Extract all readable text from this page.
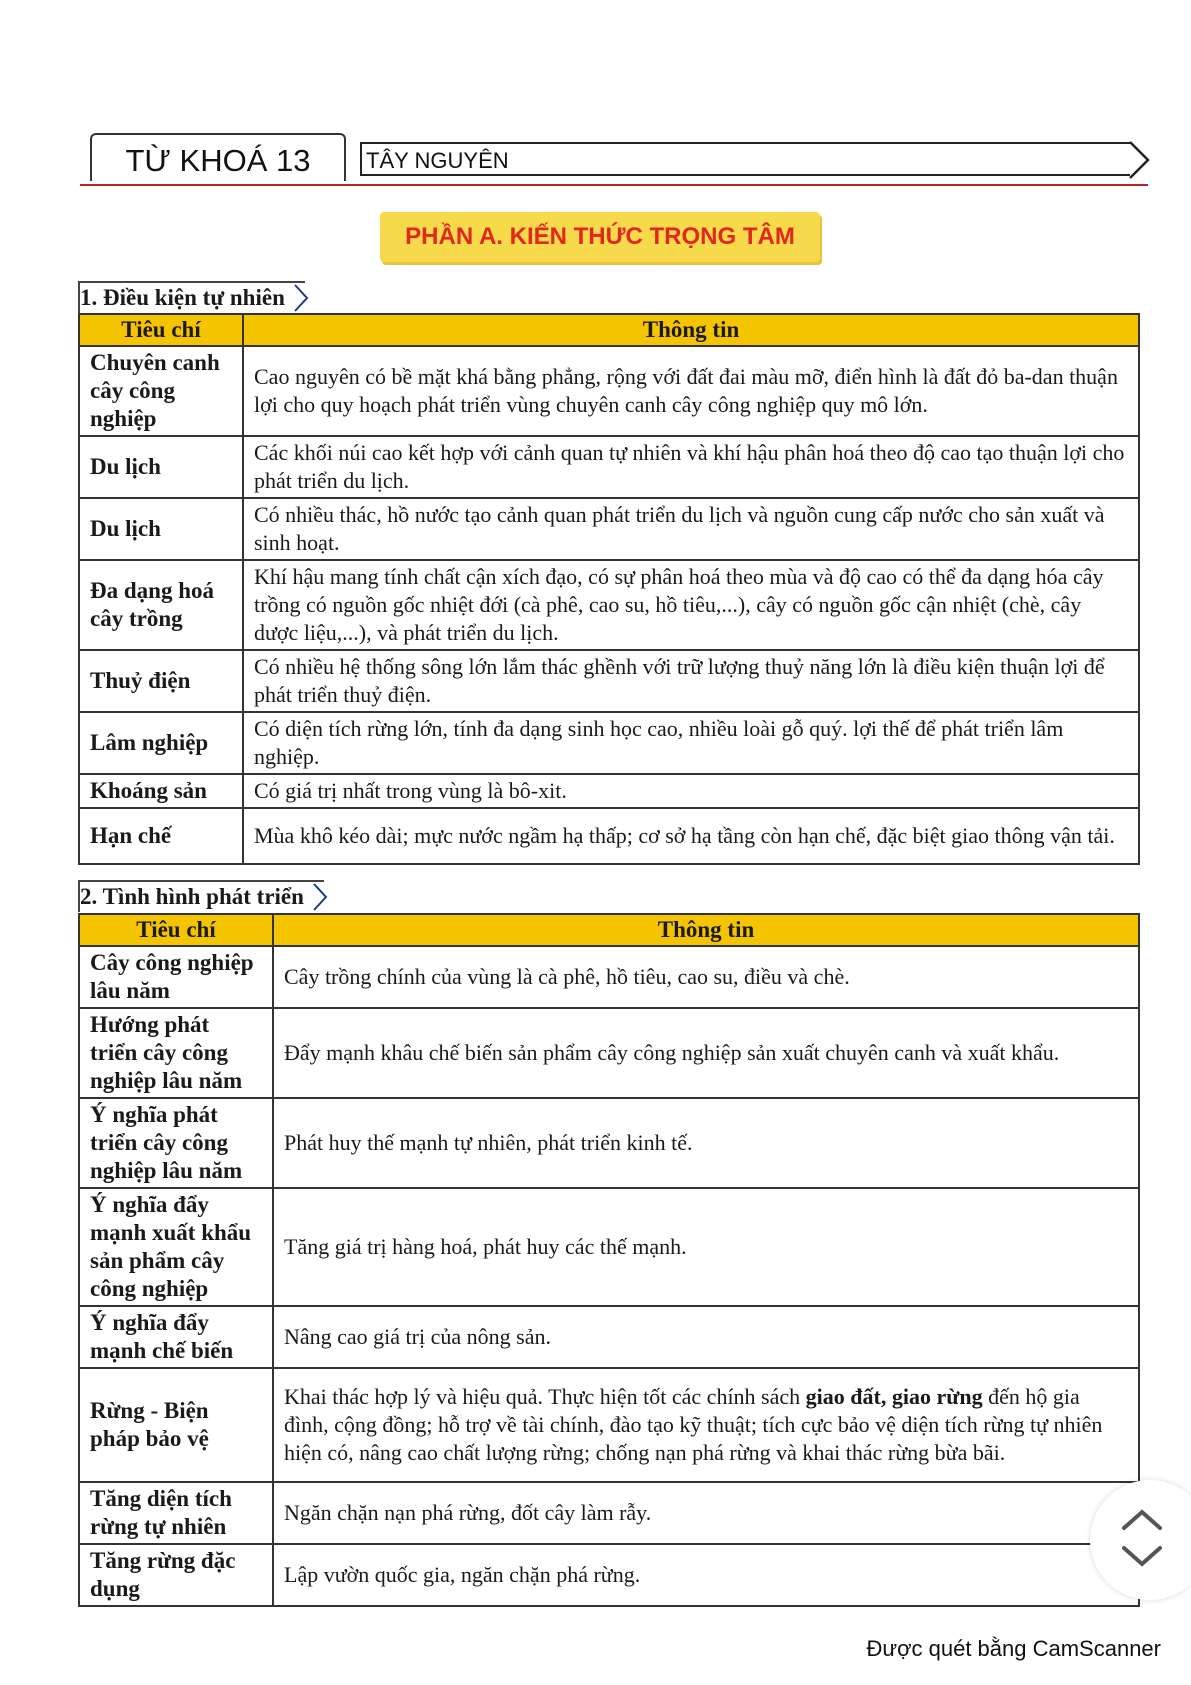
TỪ KHOÁ 13	TÂY NGUYÊN
PHẦN A. KIẾN THỨC TRỌNG TÂM
1. Điều kiện tự nhiên
Tiêu chí	Thông tin
Chuyên canh cây công nghiệp	Cao nguyên có bề mặt khá bằng phẳng, rộng với đất đai màu mỡ, điển hình là đất đỏ ba-dan thuận lợi cho quy hoạch phát triển vùng chuyên canh cây công nghiệp quy mô lớn.
Du lịch	Các khối núi cao kết hợp với cảnh quan tự nhiên và khí hậu phân hoá theo độ cao tạo thuận lợi cho phát triển du lịch.
Du lịch	Có nhiều thác, hồ nước tạo cảnh quan phát triển du lịch và nguồn cung cấp nước cho sản xuất và sinh hoạt.
Đa dạng hoá cây trồng	Khí hậu mang tính chất cận xích đạo, có sự phân hoá theo mùa và độ cao có thể đa dạng hóa cây trồng có nguồn gốc nhiệt đới (cà phê, cao su, hồ tiêu,...), cây có nguồn gốc cận nhiệt (chè, cây dược liệu,...), và phát triển du lịch.
Thuỷ điện	Có nhiều hệ thống sông lớn lắm thác ghềnh với trữ lượng thuỷ năng lớn là điều kiện thuận lợi để phát triển thuỷ điện.
Lâm nghiệp	Có diện tích rừng lớn, tính đa dạng sinh học cao, nhiều loài gỗ quý. lợi thế để phát triển lâm nghiệp.
Khoáng sản	Có giá trị nhất trong vùng là bô-xit.
Hạn chế	Mùa khô kéo dài; mực nước ngầm hạ thấp; cơ sở hạ tầng còn hạn chế, đặc biệt giao thông vận tải.
2. Tình hình phát triển
Tiêu chí	Thông tin
Cây công nghiệp lâu năm	Cây trồng chính của vùng là cà phê, hồ tiêu, cao su, điều và chè.
Hướng phát triển cây công nghiệp lâu năm	Đẩy mạnh khâu chế biến sản phẩm cây công nghiệp sản xuất chuyên canh và xuất khẩu.
Ý nghĩa phát triển cây công nghiệp lâu năm	Phát huy thế mạnh tự nhiên, phát triển kinh tế.
Ý nghĩa đẩy mạnh xuất khẩu sản phẩm cây công nghiệp	Tăng giá trị hàng hoá, phát huy các thế mạnh.
Ý nghĩa đẩy mạnh chế biến	Nâng cao giá trị của nông sản.
Rừng - Biện pháp bảo vệ	Khai thác hợp lý và hiệu quả. Thực hiện tốt các chính sách giao đất, giao rừng đến hộ gia đình, cộng đồng; hỗ trợ về tài chính, đào tạo kỹ thuật; tích cực bảo vệ diện tích rừng tự nhiên hiện có, nâng cao chất lượng rừng; chống nạn phá rừng và khai thác rừng bừa bãi.
Tăng diện tích rừng tự nhiên	Ngăn chặn nạn phá rừng, đốt cây làm rẫy.
Tăng rừng đặc dụng	Lập vườn quốc gia, ngăn chặn phá rừng.
Được quét bằng CamScanner
